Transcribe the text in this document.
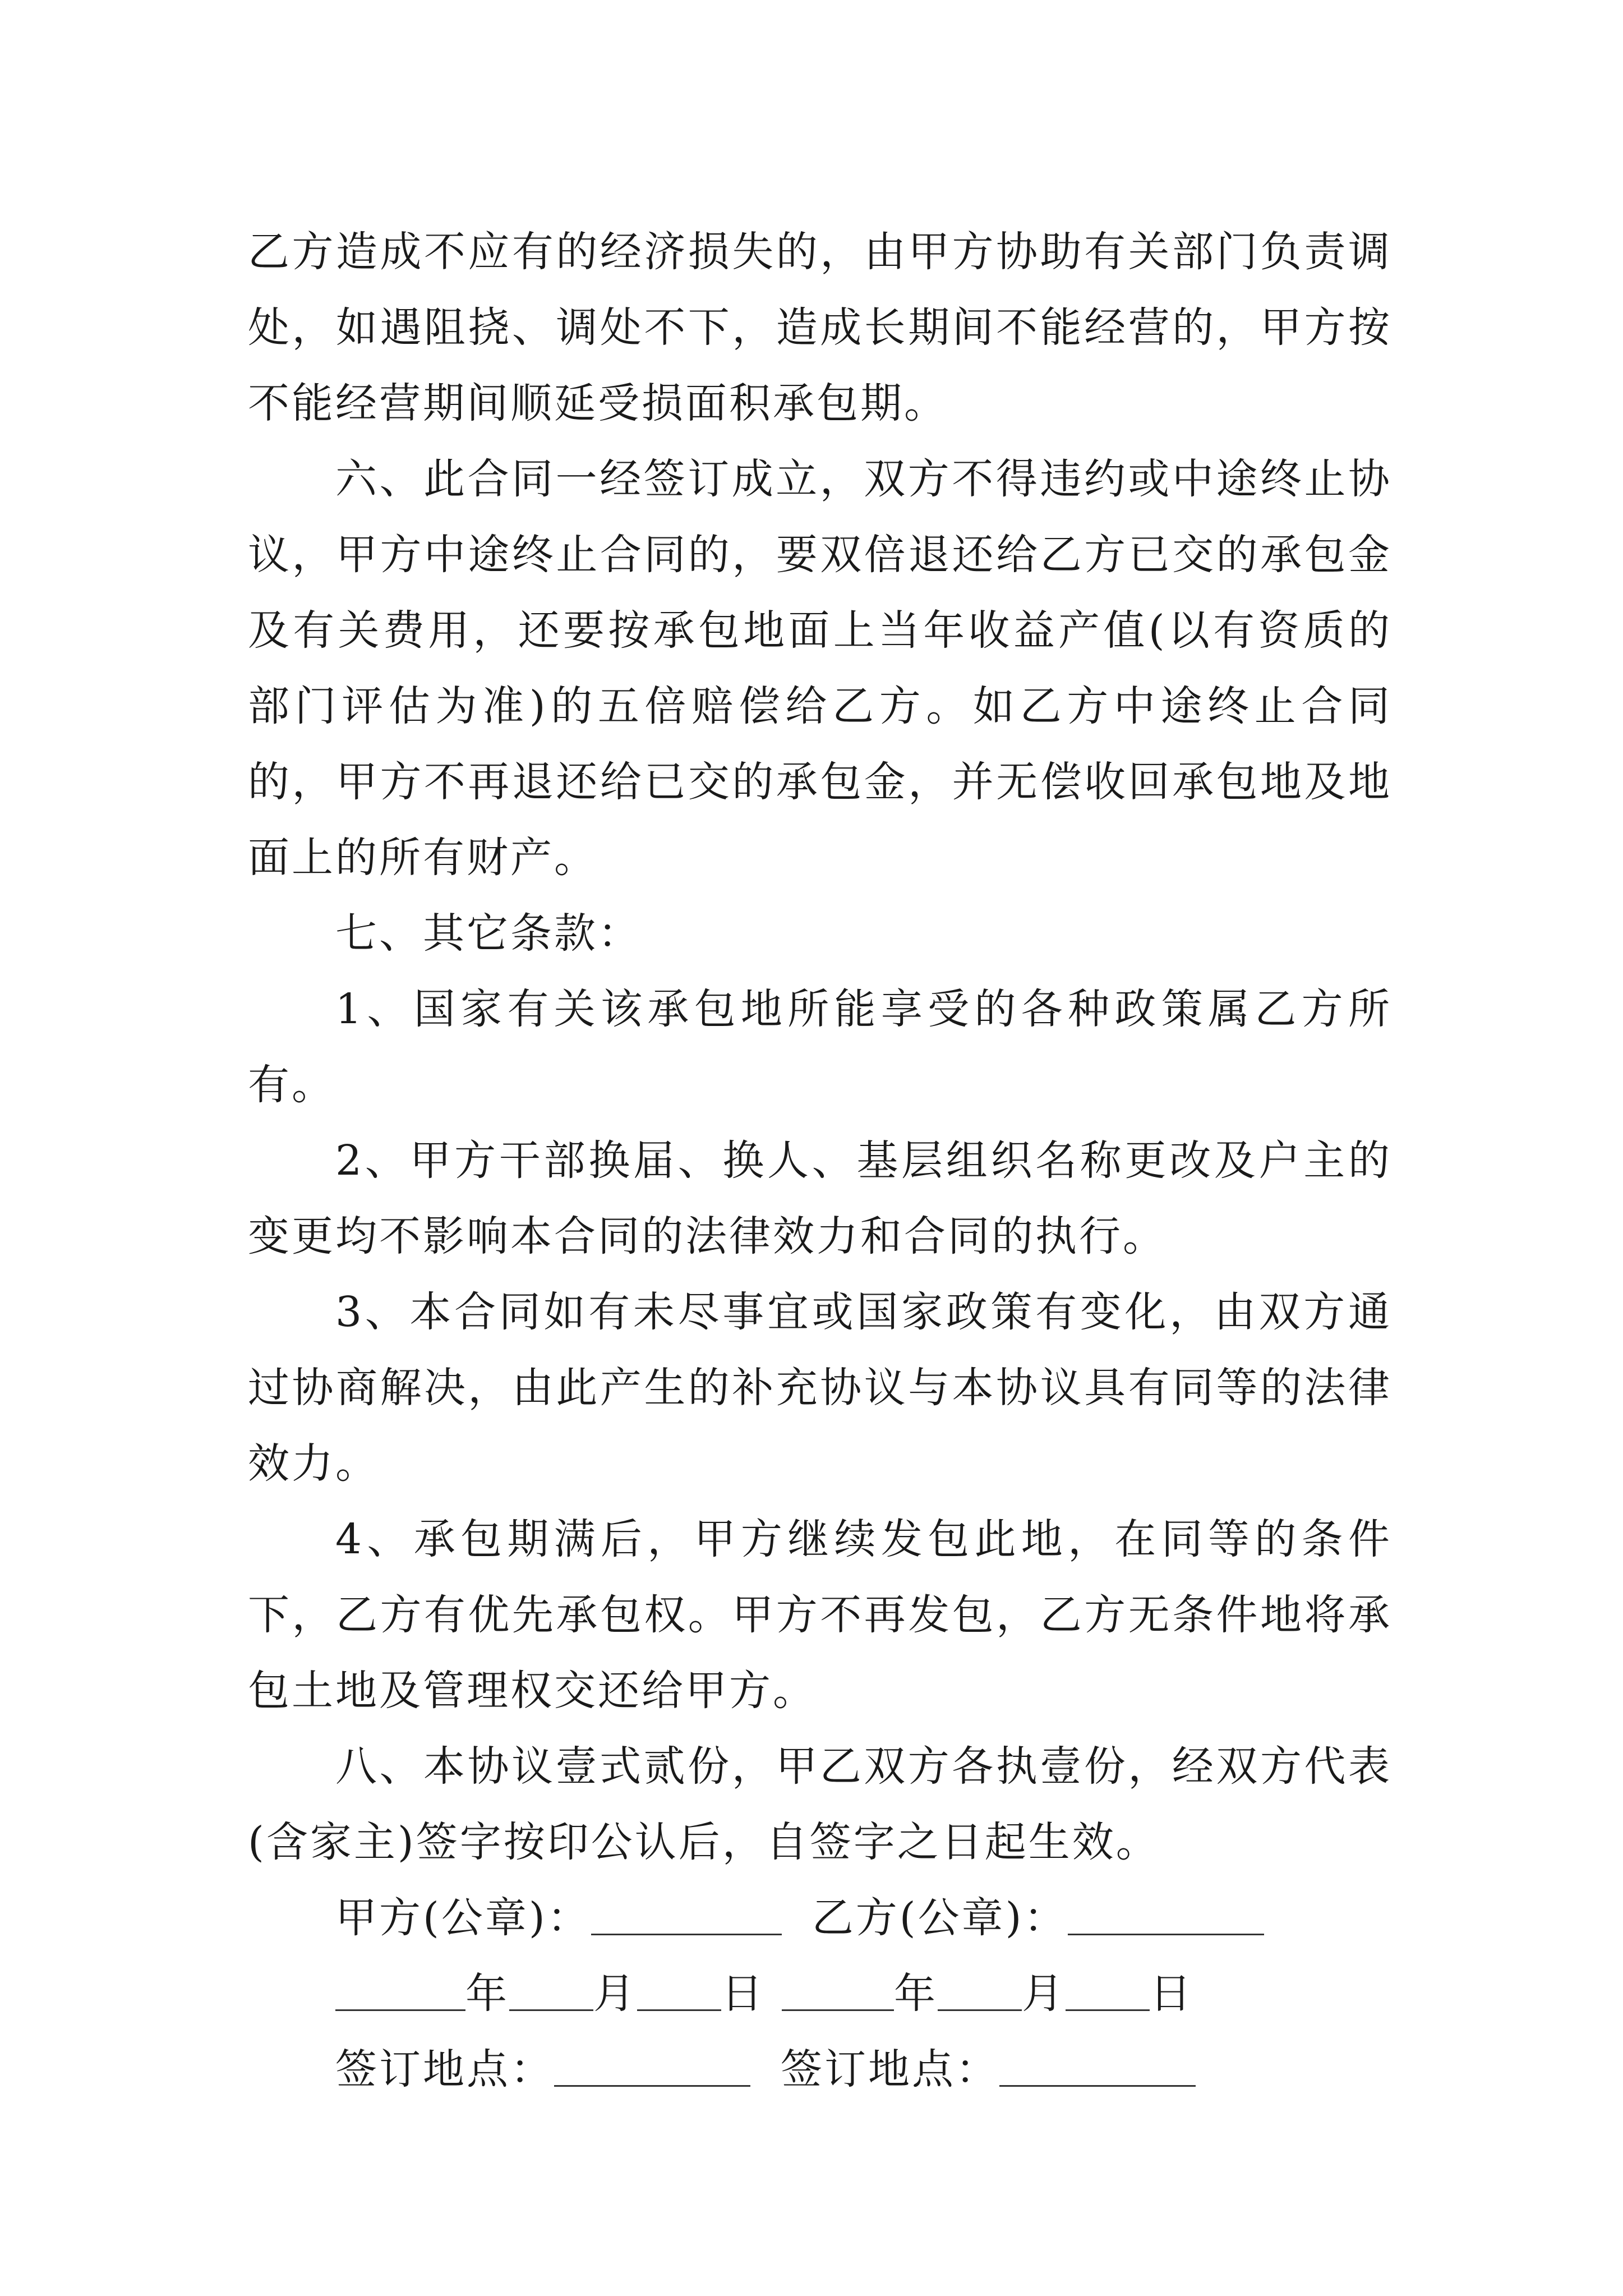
乙方造成不应有的经济损失的，由甲方协助有关部门负责调处，如遇阻挠、调处不下，造成长期间不能经营的，甲方按不能经营期间顺延受损面积承包期。

六、此合同一经签订成立，双方不得违约或中途终止协议，甲方中途终止合同的，要双倍退还给乙方已交的承包金及有关费用，还要按承包地面上当年收益产值(以有资质的部门评估为准)的五倍赔偿给乙方。如乙方中途终止合同的，甲方不再退还给已交的承包金，并无偿收回承包地及地面上的所有财产。

七、其它条款：

1、国家有关该承包地所能享受的各种政策属乙方所有。

2、甲方干部换届、换人、基层组织名称更改及户主的变更均不影响本合同的法律效力和合同的执行。

3、本合同如有未尽事宜或国家政策有变化，由双方通过协商解决，由此产生的补充协议与本协议具有同等的法律效力。

4、承包期满后，甲方继续发包此地，在同等的条件下，乙方有优先承包权。甲方不再发包，乙方无条件地将承包土地及管理权交还给甲方。

八、本协议壹式贰份，甲乙双方各执壹份，经双方代表(含家主)签字按印公认后，自签字之日起生效。

甲方(公章)：	乙方(公章)：

年 月 日	年 月 日

签订地点：	签订地点：
